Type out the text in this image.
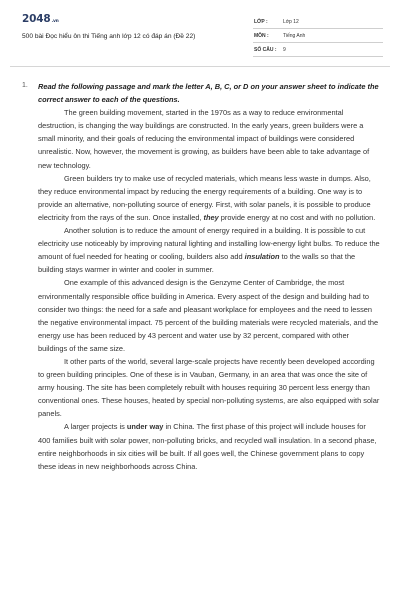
2048.vn
500 bài Đọc hiểu ôn thi Tiếng anh lớp 12 có đáp án (Đề 22)
LỚP :	Lớp 12
MÔN :	Tiếng Anh
SỐ CÂU : 9
1. Read the following passage and mark the letter A, B, C, or D on your answer sheet to indicate the correct answer to each of the questions.

The green building movement, started in the 1970s as a way to reduce environmental destruction, is changing the way buildings are constructed. In the early years, green builders were a small minority, and their goals of reducing the environmental impact of buildings were considered unrealistic. Now, however, the movement is growing, as builders have been able to take advantage of new technology.

Green builders try to make use of recycled materials, which means less waste in dumps. Also, they reduce environmental impact by reducing the energy requirements of a building. One way is to provide an alternative, non-polluting source of energy. First, with solar panels, it is possible to produce electricity from the rays of the sun. Once installed, they provide energy at no cost and with no pollution.

Another solution is to reduce the amount of energy required in a building. It is possible to cut electricity use noticeably by improving natural lighting and installing low-energy light bulbs. To reduce the amount of fuel needed for heating or cooling, builders also add insulation to the walls so that the building stays warmer in winter and cooler in summer.

One example of this advanced design is the Genzyme Center of Cambridge, the most environmentally responsible office building in America. Every aspect of the design and building had to consider two things: the need for a safe and pleasant workplace for employees and the need to lessen the negative environmental impact. 75 percent of the building materials were recycled materials, and the energy use has been reduced by 43 percent and water use by 32 percent, compared with other buildings of the same size.

It other parts of the world, several large-scale projects have recently been developed according to green building principles. One of these is in Vauban, Germany, in an area that was once the site of army housing. The site has been completely rebuilt with houses requiring 30 percent less energy than conventional ones. These houses, heated by special non-polluting systems, are also equipped with solar panels.

A larger projects is under way in China. The first phase of this project will include houses for 400 families built with solar power, non-polluting bricks, and recycled wall insulation. In a second phase, entire neighborhoods in six cities will be built. If all goes well, the Chinese government plans to copy these ideas in new neighborhoods across China.
